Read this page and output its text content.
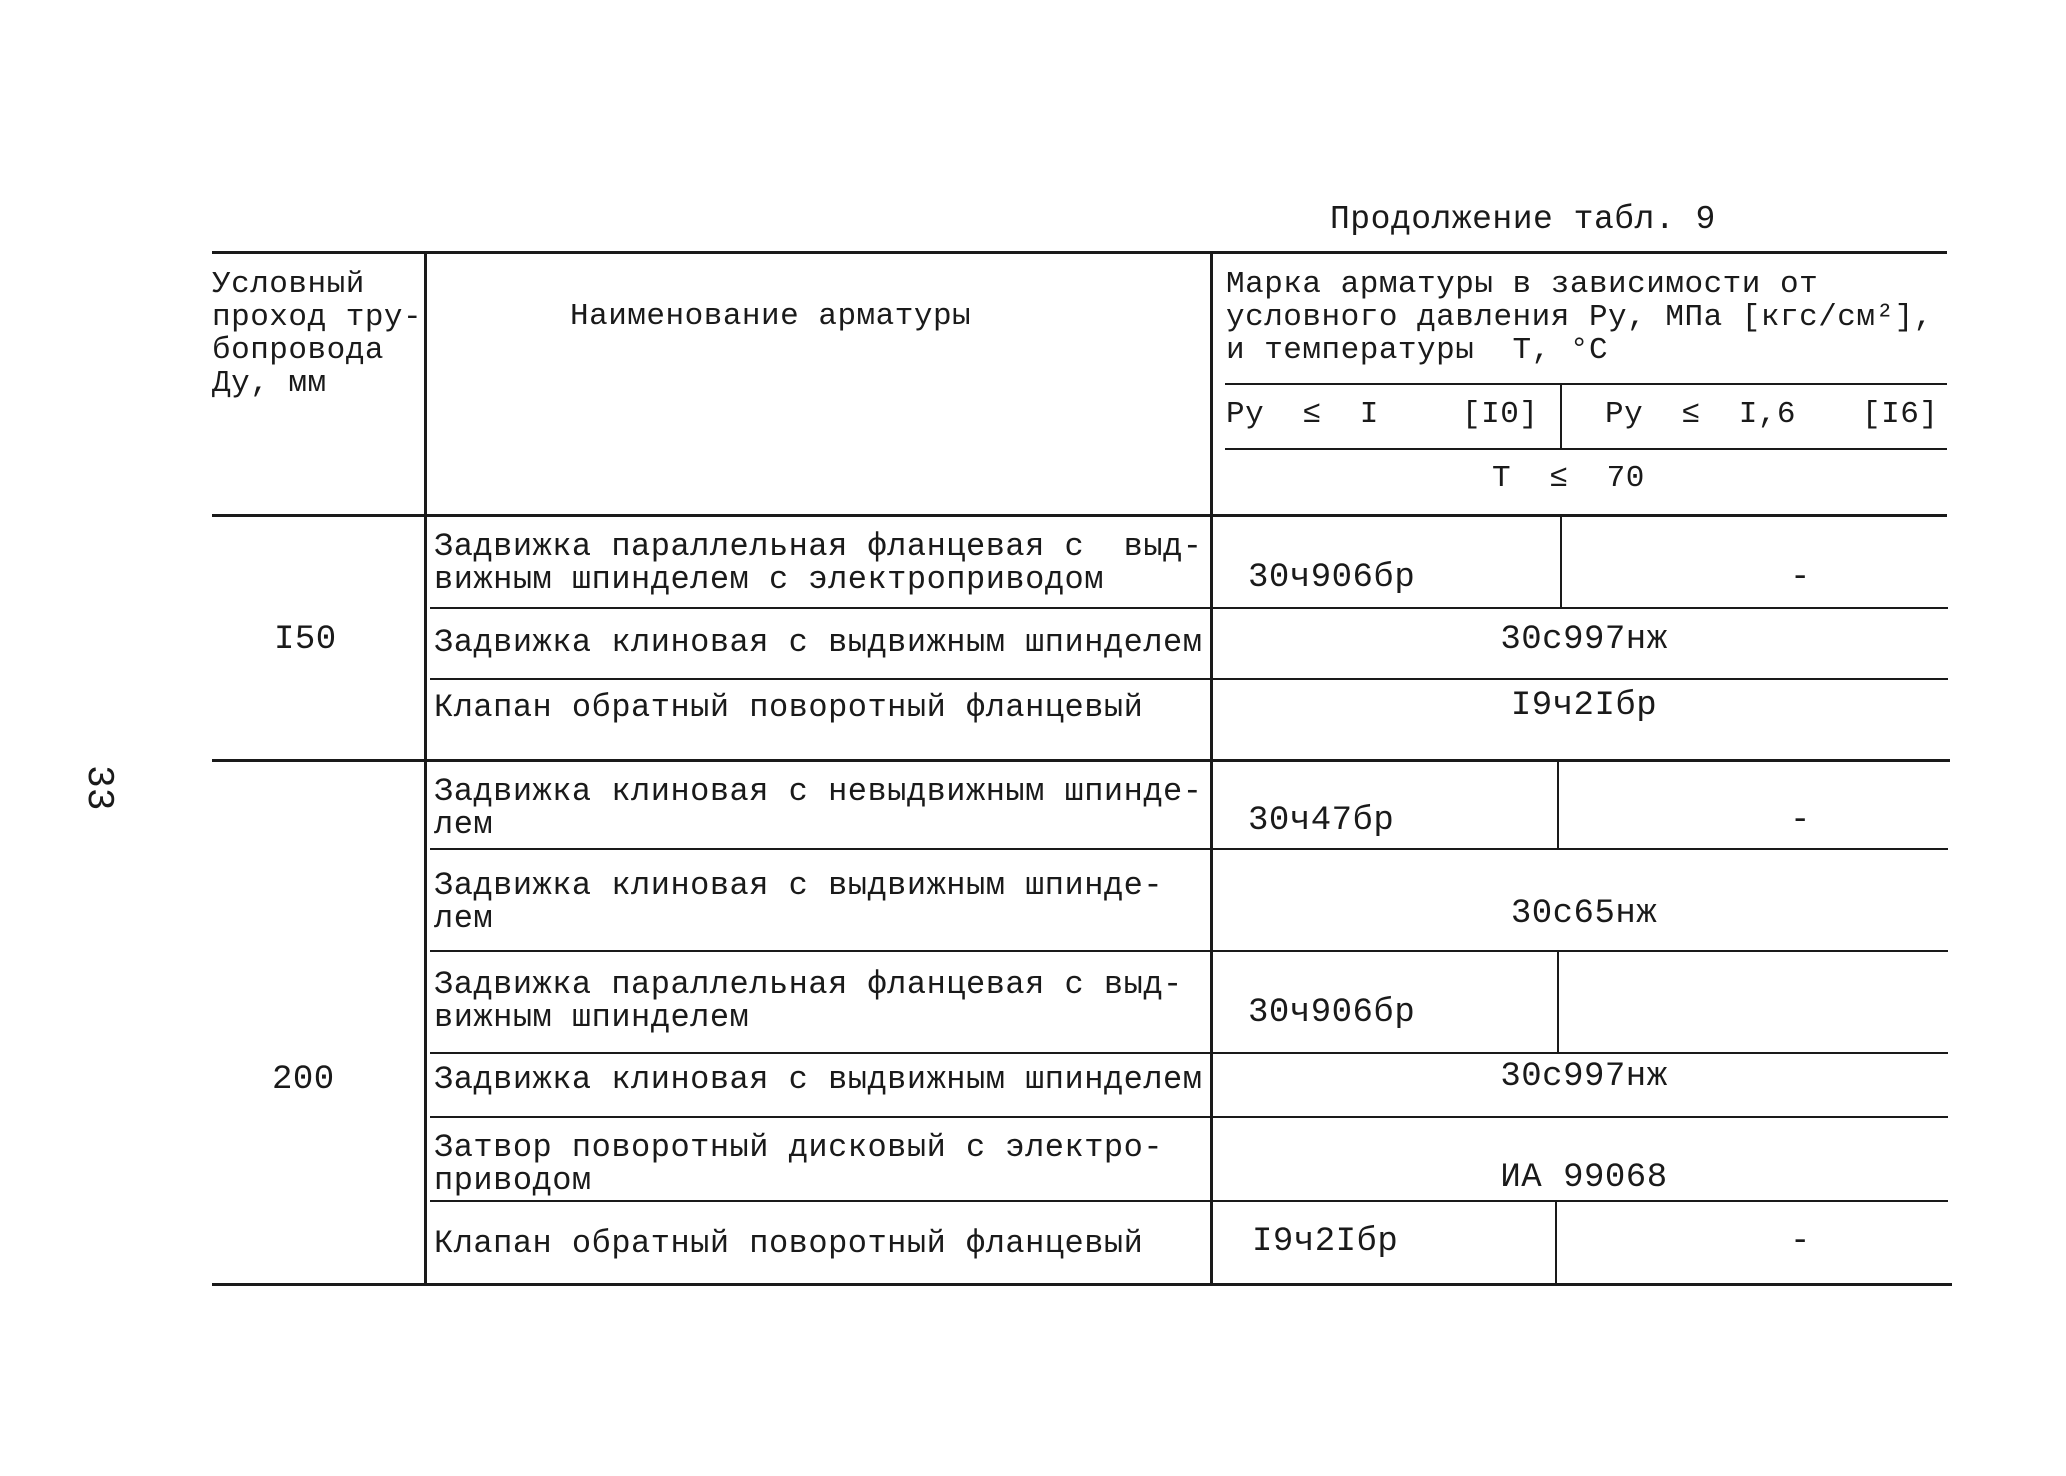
33
Продолжение табл. 9
Условный
проход тру-
бопровода
Ду, мм
Наименование арматуры
Марка арматуры в зависимости от
условного давления Ру, МПа [кгс/см²],
и температуры  Т, °С
Ру  ≤  I	[I0] Ру  ≤  I,6 [I6]
Т  ≤  70
I50
Задвижка параллельная фланцевая с  выд-
вижным шпинделем с электроприводом	30ч906бр	-
Задвижка клиновая с выдвижным шпинделем	30с997нж
Клапан обратный поворотный фланцевый	I9ч2Iбр
200
Задвижка клиновая с невыдвижным шпинде-
лем	30ч47бр	-
Задвижка клиновая с выдвижным шпинде-
лем	30с65нж
Задвижка параллельная фланцевая с выд-
вижным шпинделем	30ч906бр
Задвижка клиновая с выдвижным шпинделем	30с997нж
Затвор поворотный дисковый с электро-
приводом	ИА 99068
Клапан обратный поворотный фланцевый	I9ч2Iбр	-
